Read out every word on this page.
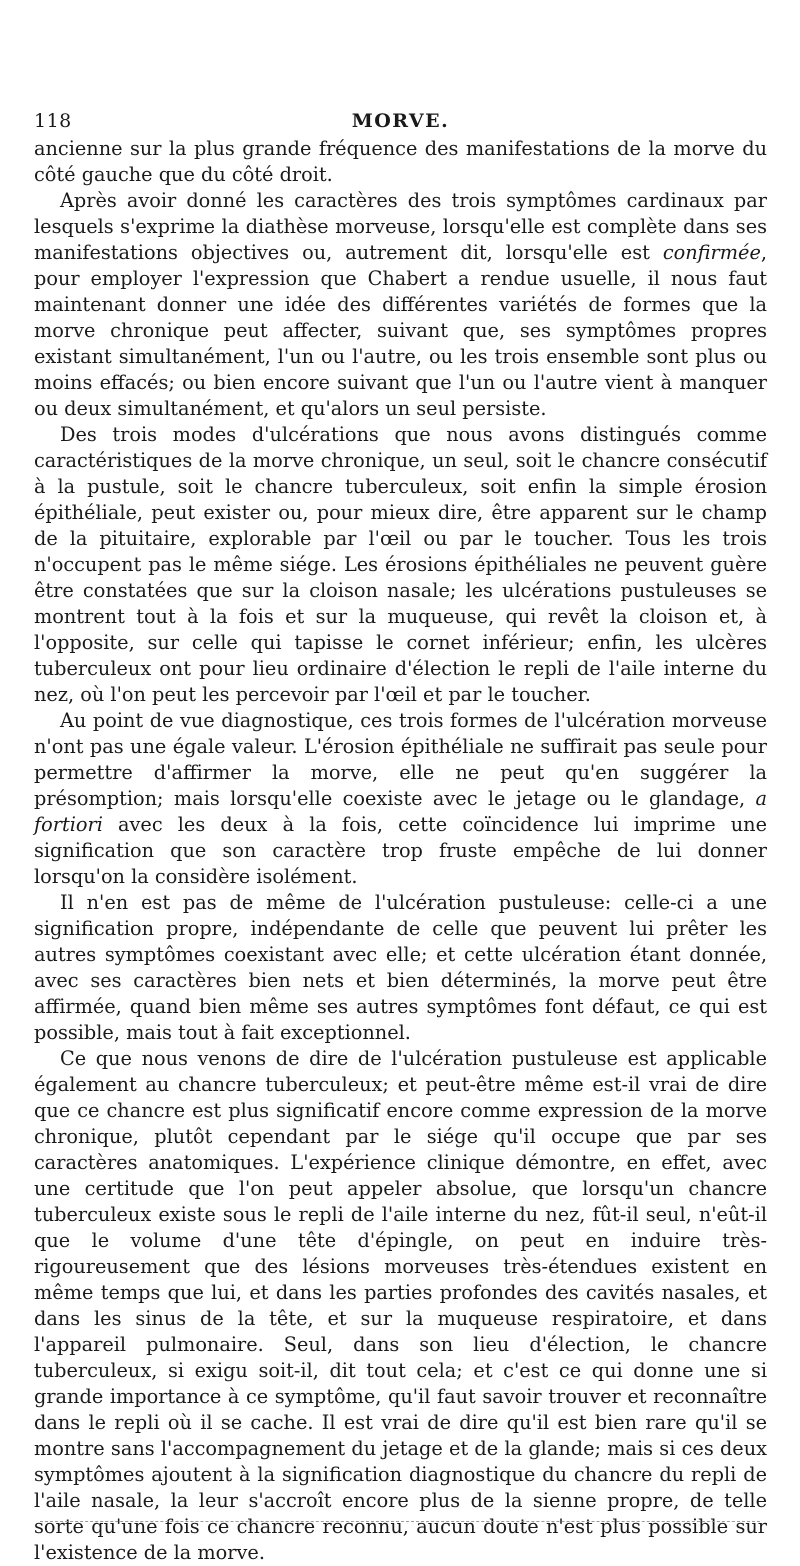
118	MORVE.

ancienne sur la plus grande fréquence des manifestations de la morve du côté gauche que du côté droit.

Après avoir donné les caractères des trois symptômes cardinaux par lesquels s'exprime la diathèse morveuse, lorsqu'elle est complète dans ses manifestations objectives ou, autrement dit, lorsqu'elle est confirmée, pour employer l'expression que Chabert a rendue usuelle, il nous faut maintenant donner une idée des différentes variétés de formes que la morve chronique peut affecter, suivant que, ses symptômes propres existant simultanément, l'un ou l'autre, ou les trois ensemble sont plus ou moins effacés; ou bien encore suivant que l'un ou l'autre vient à manquer ou deux simultanément, et qu'alors un seul persiste.

Des trois modes d'ulcérations que nous avons distingués comme caractéristiques de la morve chronique, un seul, soit le chancre consécutif à la pustule, soit le chancre tuberculeux, soit enfin la simple érosion épithéliale, peut exister ou, pour mieux dire, être apparent sur le champ de la pituitaire, explorable par l'œil ou par le toucher. Tous les trois n'occupent pas le même siége. Les érosions épithéliales ne peuvent guère être constatées que sur la cloison nasale; les ulcérations pustuleuses se montrent tout à la fois et sur la muqueuse, qui revêt la cloison et, à l'opposite, sur celle qui tapisse le cornet inférieur; enfin, les ulcères tuberculeux ont pour lieu ordinaire d'élection le repli de l'aile interne du nez, où l'on peut les percevoir par l'œil et par le toucher.

Au point de vue diagnostique, ces trois formes de l'ulcération morveuse n'ont pas une égale valeur. L'érosion épithéliale ne suffirait pas seule pour permettre d'affirmer la morve, elle ne peut qu'en suggérer la présomption; mais lorsqu'elle coexiste avec le jetage ou le glandage, a fortiori avec les deux à la fois, cette coïncidence lui imprime une signification que son caractère trop fruste empêche de lui donner lorsqu'on la considère isolément.

Il n'en est pas de même de l'ulcération pustuleuse: celle-ci a une signification propre, indépendante de celle que peuvent lui prêter les autres symptômes coexistant avec elle; et cette ulcération étant donnée, avec ses caractères bien nets et bien déterminés, la morve peut être affirmée, quand bien même ses autres symptômes font défaut, ce qui est possible, mais tout à fait exceptionnel.

Ce que nous venons de dire de l'ulcération pustuleuse est applicable également au chancre tuberculeux; et peut-être même est-il vrai de dire que ce chancre est plus significatif encore comme expression de la morve chronique, plutôt cependant par le siége qu'il occupe que par ses caractères anatomiques. L'expérience clinique démontre, en effet, avec une certitude que l'on peut appeler absolue, que lorsqu'un chancre tuberculeux existe sous le repli de l'aile interne du nez, fût-il seul, n'eût-il que le volume d'une tête d'épingle, on peut en induire très-rigoureusement que des lésions morveuses très-étendues existent en même temps que lui, et dans les parties profondes des cavités nasales, et dans les sinus de la tête, et sur la muqueuse respiratoire, et dans l'appareil pulmonaire. Seul, dans son lieu d'élection, le chancre tuberculeux, si exigu soit-il, dit tout cela; et c'est ce qui donne une si grande importance à ce symptôme, qu'il faut savoir trouver et reconnaître dans le repli où il se cache. Il est vrai de dire qu'il est bien rare qu'il se montre sans l'accompagnement du jetage et de la glande; mais si ces deux symptômes ajoutent à la signification diagnostique du chancre du repli de l'aile nasale, la leur s'accroît encore plus de la sienne propre, de telle sorte qu'une fois ce chancre reconnu, aucun doute n'est plus possible sur l'existence de la morve.
